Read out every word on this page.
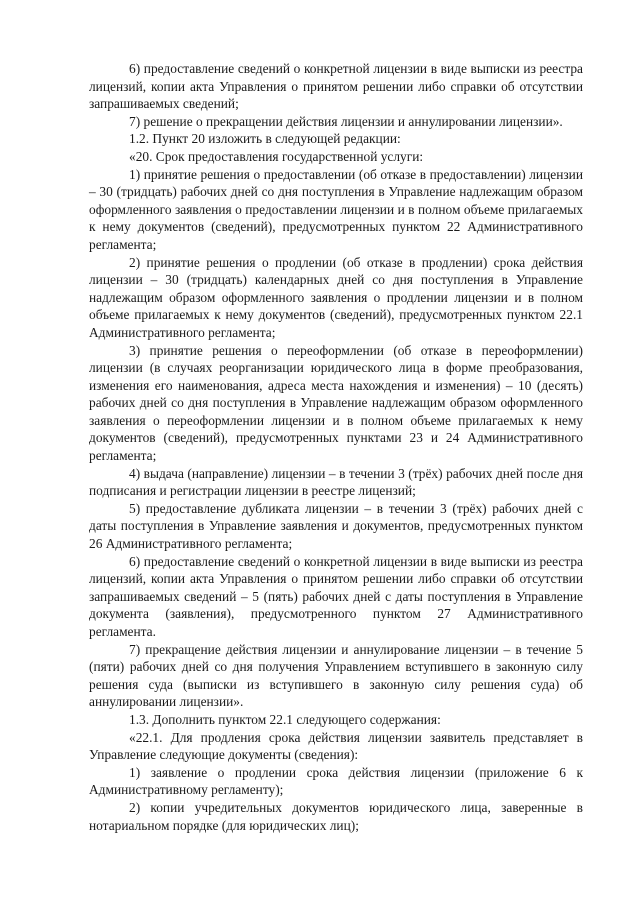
6) предоставление сведений о конкретной лицензии в виде выписки из реестра лицензий, копии акта Управления о принятом решении либо справки об отсутствии запрашиваемых сведений;

7) решение о прекращении действия лицензии и аннулировании лицензии».

1.2. Пункт 20 изложить в следующей редакции:

«20. Срок предоставления государственной услуги:

1) принятие решения о предоставлении (об отказе в предоставлении) лицензии – 30 (тридцать) рабочих дней со дня поступления в Управление надлежащим образом оформленного заявления о предоставлении лицензии и в полном объеме прилагаемых к нему документов (сведений), предусмотренных пунктом 22 Административного регламента;

2) принятие решения о продлении (об отказе в продлении) срока действия лицензии – 30 (тридцать) календарных дней со дня поступления в Управление надлежащим образом оформленного заявления о продлении лицензии и в полном объеме прилагаемых к нему документов (сведений), предусмотренных пунктом 22.1 Административного регламента;

3) принятие решения о переоформлении (об отказе в переоформлении) лицензии (в случаях реорганизации юридического лица в форме преобразования, изменения его наименования, адреса места нахождения и изменения) – 10 (десять) рабочих дней со дня поступления в Управление надлежащим образом оформленного заявления о переоформлении лицензии и в полном объеме прилагаемых к нему документов (сведений), предусмотренных пунктами 23 и 24 Административного регламента;

4) выдача (направление) лицензии – в течении 3 (трёх) рабочих дней после дня подписания и регистрации лицензии в реестре лицензий;

5) предоставление дубликата лицензии – в течении 3 (трёх) рабочих дней с даты поступления в Управление заявления и документов, предусмотренных пунктом 26 Административного регламента;

6) предоставление сведений о конкретной лицензии в виде выписки из реестра лицензий, копии акта Управления о принятом решении либо справки об отсутствии запрашиваемых сведений – 5 (пять) рабочих дней с даты поступления в Управление документа (заявления), предусмотренного пунктом 27 Административного регламента.

7) прекращение действия лицензии и аннулирование лицензии – в течение 5 (пяти) рабочих дней со дня получения Управлением вступившего в законную силу решения суда (выписки из вступившего в законную силу решения суда) об аннулировании лицензии».

1.3. Дополнить пунктом 22.1 следующего содержания:

«22.1. Для продления срока действия лицензии заявитель представляет в Управление следующие документы (сведения):

1) заявление о продлении срока действия лицензии (приложение 6 к Административному регламенту);

2) копии учредительных документов юридического лица, заверенные в нотариальном порядке (для юридических лиц);
